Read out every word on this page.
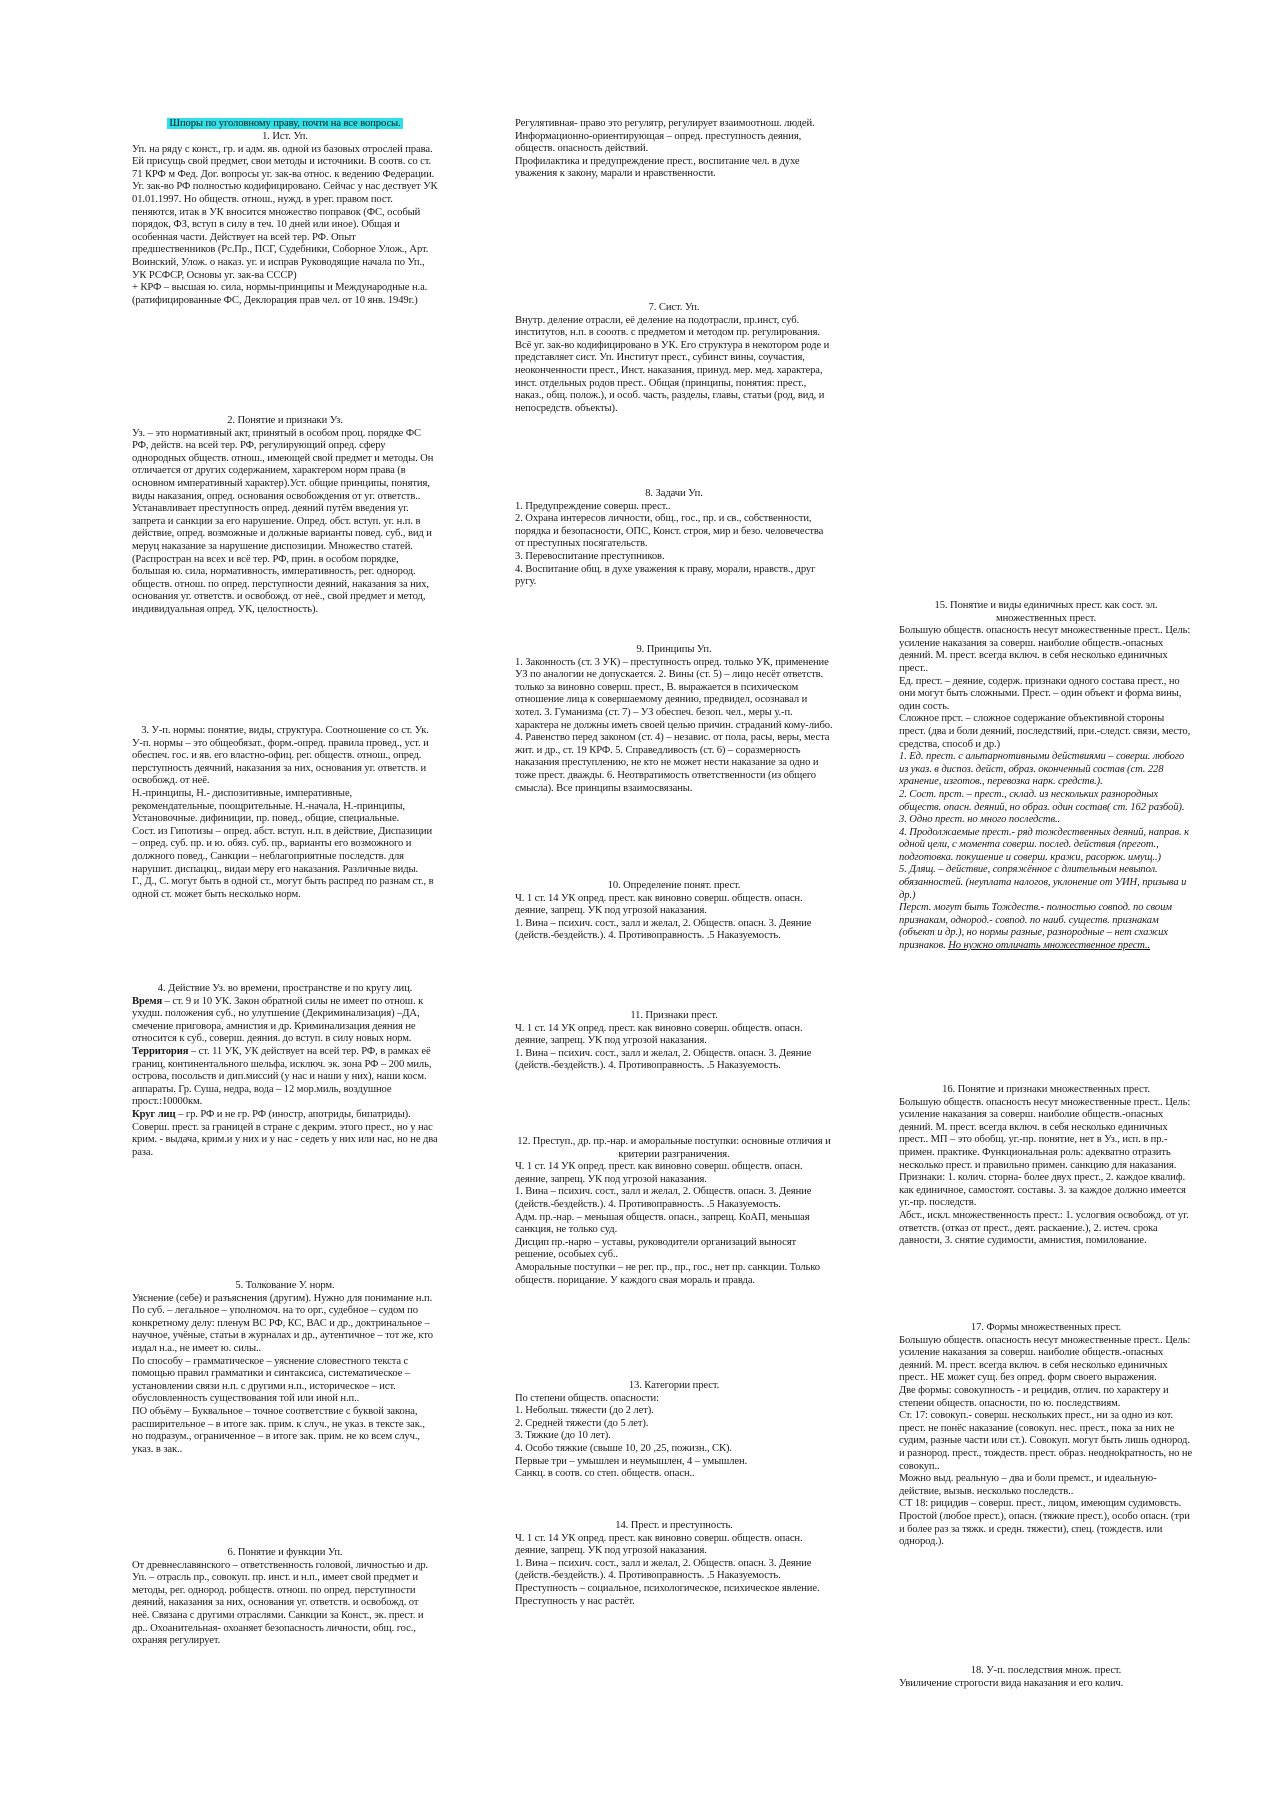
Шпоры по уголовному праву, почти на все вопросы.
1. Ист. Уп.

Уп. на ряду с конст., гр. и адм. яв. одной из базовых отрослей права. Ей присущь свой предмет, свои методы и источники. В соотв. со ст. 71 КРФ м Фед. Дог. вопросы уг. зак-ва относ. к ведению Федерации. Уг. зак-во РФ полностью кодифицировано. Сейчас у нас дествует УК 01.01.1997. Но обществ. отнош., нужд. в урег. правом пост. пеняются, итак в УК вносится множество поправок (ФС, особый порядок, ФЗ, вступ в силу в теч. 10 дней или иное). Общая и особенная части. Действует на всей тер. РФ. Опыт предшественников (Рс.Пр., ПСГ, Судебники, Соборное Улож., Арт. Воинский, Улож. о наказ. уг. и исправ Руководящие начала по Уп., УК РСФСР, Основы уг. зак-ва СССР)

+ КРФ – высшая ю. сила, нормы-принципы и Международные н.а. (ратифицированные ФС, Деклорация прав чел. от 10 янв. 1949г.)

2. Понятие и признаки Уз.

Уз. – это нормативный акт, принятый в особом проц. порядке ФС РФ, действ. на всей тер. РФ, регулирующий опред. сферу однородных обществ. отнош., имеющей свой предмет и методы. Он отличается от других содержанием, характером норм права (в основном императивный характер).Уст. общие принципы, понятия, виды наказания, опред. основания освобождения от уг. ответств.. Устанавливает преступность опред. деяний путём введения уг. запрета и санкции за его нарушение. Опред. обст. вступ. уг. н.п. в действие, опред. возможные и должные варианты повед. суб., вид и меруц наказание за нарушение диспозиции. Множество статей. (Распростран на всех и всё тер. РФ, прин. в особом порядке, большая ю. сила, нормативность, императивность, рег. однород. обществ. отнош. по опред. перступности деяний, наказания за них, основания уг. ответств. и освобожд. от неё., свой предмет и метод, индивидуальная опред. УК, целостность).

3. У-п. нормы: понятие, виды, структура. Соотношение со ст. Ук.

У-п. нормы – это общеобязат., форм.-опред. правила провед., уст. и обеспеч. гос. и яв. его властно-офиц. рег. обществ. отнош., опред. перступность деячний, наказания за них, основания уг. ответств. и освобожд. от неё.

Н.-принципы, Н.- диспозитивные, императивные, рекомендательные, поощрительные. Н.-начала, Н.-принципы, Установочные. дифиниции, пр. повед., общие, специальные.

Сост. из Гипотизы – опред. абст. вступ. н.п. в действие, Диспазиции – опред. суб. пр. и ю. обяз. суб. пр., варианты его возможного и должного повед., Санкции – неблагоприятные последств. для нарушит. диспацкц., видаи меру его наказания. Различные виды.

Г., Д., С. могут быть в одной ст., могут быть распред по разнам ст., в одной ст. может быть несколько норм.

4. Действие Уз. во времени, пространстве и по кругу лиц.

Время – ст. 9 и 10 УК. Закон обратной силы не имеет по отнош. к ухудш. положения суб., но улутшение (Декриминализация) –ДА, смечение приговора, амнистия и др. Криминализация деяния не относится к суб., соверш. деяния. до вступ. в силу новых норм.

Территория – ст. 11 УК, УК действует на всей тер. РФ, в рамках её границ, континентального шельфа, исключ. эк. зона РФ – 200 миль, острова, посольств и дип.миссий (у нас и наши у них), наши косм. аппараты. Гр. Суша, недра, вода – 12 мор.миль, воздушное прост.:10000км.

Круг лиц – гр. РФ и не гр. РФ (иностр, апотриды, бипатриды). Соверш. прест. за границей в стране с декрим. этого прест., но у нас крим. - выдача, крим.и у них и у нас - седеть у них или нас, но не два раза.

5. Толкование У. норм.

Уяснение (себе) и разъяснения (другим). Нужно для понимание н.п.

По суб. – легальное – уполномоч. на то орг., судебное – судом по конкретному делу: пленум ВС РФ, КС, ВАС и др., доктринальное – научное, учёные, статьи в журналах и др., аутентичное – тот же, кто издал н.а., не имеет ю. силы..

По способу – грамматическое – уяснение словестного текста с помощью правил грамматики и синтаксиса, систематическое – установлении связи н.п. с другими н.п., историческое – ист. обусловленность существования той или иной н.п..

ПО объёму – Буквальное – точное соответствие с буквой закона, расширительное – в итоге зак. прим. к случ., не указ. в тексте зак., но подразум., ограниченное – в итоге зак. прим. не ко всем случ., указ. в зак..

6. Понятие и функции Уп.

От древнеславянского – ответственность головой, личностью и др.

Уп. – отрасль пр., совокуп. пр. инст. и н.п., имеет свой предмет и методы, рег. однород. робществ. отнош. по опред. перступности деяний, наказания за них, основания уг. ответств. и освобожд. от неё. Связана с другими отраслями. Санкции за Конст., эк. прест. и др.. Охоанительная- охоаняет безопасность личности, общ. гос., охраняя регулирует.

Регулятивная- право это регулятр, регулирует взаимоотнош. людей.

Информационно-ориентирующая – опред. преступность деяния, обществ. опасность действий.

Профилактика и предупреждение прест., воспитание чел. в духе уважения к закону, марали и нравственности.

7. Сист. Уп.

Внутр. деление отрасли, её деление на подотрасли, пр.инст, суб. институтов, н.п. в сооотв. с предметом и методом пр. регулирования. Всё уг. зак-во кодифицировано в УК. Его структура в некотором роде и представляет сист. Уп. Институт прест., субинст вины, соучастия, неоконченности прест., Инст. наказания, принуд. мер. мед. характера, инст. отдельных родов прест.. Общая (принципы, понятия: прест., наказ., общ. полож.), и особ. часть, разделы, главы, статьи (род, вид, и непосредств. объекты).

8. Задачи Уп.

1. Предупреждение соверш. прест..

2. Охрана интересов личности, общ., гос., пр. и св., собственности, порядка и безопасности, ОПС, Конст. строя, мир и безо. человечества от преступных посягательств.

3. Перевоспитание преступников.

4. Воспитание общ. в духе уважения к праву, морали, нравств., друг ругу.

9. Принципы Уп.

1. Законность (ст. 3 УК) – преступность опред. только УК, применение УЗ по аналогии не допускается. 2. Вины (ст. 5) – лицо несёт ответств. только за виновно соверш. прест., В. выражается в психическом отношение лица к совершаемому деянию, предвидел, осознавал и хотел. 3. Гуманизма (ст. 7) – УЗ обеспеч. безоп. чел., меры у.-п. характера не должны иметь своей целью причин. страданий кому-либо. 4. Равенство перед законом (ст. 4) – независ. от пола, расы, веры, места жит. и др., ст. 19 КРФ. 5. Справедливость (ст. 6) – соразмерность наказания преступлению, не кто не может нести наказание за одно и тоже прест. дважды. 6. Неотвратимость ответственности (из общего смысла). Все принципы взаимосвязаны.

10. Определение понят. прест.

Ч. 1 ст. 14 УК опред. прест. как виновно соверш. обществ. опасн. деяние, запрещ. УК под угрозой наказания.

1. Вина – психич. сост., залл и желал, 2. Обществ. опасн. 3. Деяние (действ.-бездейств.). 4. Противоправность. .5 Наказуемость.

11. Признаки прест.

Ч. 1 ст. 14 УК опред. прест. как виновно соверш. обществ. опасн. деяние, запрещ. УК под угрозой наказания.

1. Вина – психич. сост., залл и желал, 2. Обществ. опасн. 3. Деяние (действ.-бездейств.). 4. Противоправность. .5 Наказуемость.

12. Преступ., др. пр.-нар. и аморальные поступки: основные отличия и критерии разграничения.

Ч. 1 ст. 14 УК опред. прест. как виновно соверш. обществ. опасн. деяние, запрещ. УК под угрозой наказания.

1. Вина – психич. сост., залл и желал, 2. Обществ. опасн. 3. Деяние (действ.-бездейств.). 4. Противоправность. .5 Наказуемость.

Адм. пр.-нар. – меньшая обществ. опасн., запрещ. КоАП, меньшая санкция, не только суд.

Дисцип пр.-нарю – уставы, руководители организаций выносят решение, особыех суб..

Аморальные поступки – не рег. пр., пр., гос., нет пр. санкции. Только обществ. порицание. У каждого свая мораль и правда.

13. Категории прест.

По степени обществ. опасности:

1. Небольш. тяжести (до 2 лет).

2. Средней тяжести (до 5 лет).

3. Тяжкие (до 10 лет).

4. Особо тяжкие (свыше 10, 20 ,25, пожизн., СК).

Первые три – умышлен и неумышлен, 4 – умышлен.

Санкц. в соотв. со степ. обществ. опасн..

14. Прест. и преступность.

Ч. 1 ст. 14 УК опред. прест. как виновно соверш. обществ. опасн. деяние, запрещ. УК под угрозой наказания.

1. Вина – психич. сост., залл и желал, 2. Обществ. опасн. 3. Деяние (действ.-бездейств.). 4. Противоправность. .5 Наказуемость.

Преступность – социальное, психологическое, психическое явление. Преступность у нас растёт.

15. Понятие и виды единичных прест. как сост. эл. множественных прест.

Большую обществ. опасность несут множественные прест.. Цель: усиление наказания за соверш. наиболие обществ.-опасных деяний. М. прест. всегда включ. в себя несколько единичных прест..

Ед. прест. – деяние, содерж. признаки одного состава прест., но они могут быть сложными. Прест. – один объект и форма вины, один сость.

Сложное прст. – сложное содержание объективной стороны прест. (два и боли деяний, последствий, при.-следст. связи, место, средства, способ и др.)

1. Ед. прест. с альтарнотивными действиями – соверш. любого из указ. в диспоз. дейст, образ. оконченный состав (ст. 228 хранение, изготов., перевозка нарк. средств.).

2. Сост. прст. – прест., склад. из нескольких разнородных обществ. опасн. деяний, но образ. один состав( ст. 162 разбой).

3. Одно прест. но много последств..

4. Продолжаемые прест.- ряд тождественных деяний, направ. к одной цели, с момента соверш. послед. действия (прегот., подготовка. покушение и соверш. кражи, расорюк. имущ..)

5. Длящ. – действие, сопряжённое с длительным невыпол. обязанностей. (неуплата налогов, уклонение от УИН, призыва и др.)

Перст. могут быть Тождеств.- полностью совпод. по своим признакам, однород.- совпод. по наиб. существ. признакам (объект и др.), но нормы разные, разнородные – нет схажих признаков. Но нужно отличать множественное прест..

16. Понятие и признаки множественных прест.

Большую обществ. опасность несут множественные прест.. Цель: усиление наказания за соверш. наиболие обществ.-опасных деяний. М. прест. всегда включ. в себя несколько единичных прест.. МП – это обобщ. уг.-пр. понятие, нет в Уз., исп. в пр.-примен. практике. Функциональная роль: адекватно отразить несколько прест. и правильно примен. санкцию для наказания. Признаки: 1. колич. сторна- более двух прест., 2. каждое квалиф. как единичное, самостоят. составы. 3. за каждое должно имеется уг.-пр. последств.

Абст., искл. множественность прест.: 1. услогвия освобожд. от уг. ответств. (отказ от прест., деят. раскаение.), 2. истеч. срока давности, 3. снятие судимости, амнистия, помилование.

17. Формы множественных прест.

Большую обществ. опасность несут множественные прест.. Цель: усиление наказания за соверш. наиболие обществ.-опасных деяний. М. прест. всегда включ. в себя несколько единичных прест.. НЕ может сущ. без опред. форм своего выражения.

Две формы: совокупность - и рецидив, отлич. по характеру и степени обществ. опасности, по ю. последствиям.

Ст. 17: совокуп.- соверш. нескольких прест., ни за одно из кот. прест. не понёс наказание (совокуп. нес. прест., пока за них не судим, разные части или ст.). Совокуп. могут быть лишь однород. и разнород. прест., тождеств. прест. образ. неодноkратность, но не совокуп..

Можно выд. реальную – два и боли премст., и идеальную- действие, вызыв. несколько последств..

СТ 18: рицидив – соверш. прест., лицом, имеющим судимовсть.

Простой (любое прест.), опасн. (тяжкие прест.), особо опасн. (три и более раз за тяжк. и средн. тяжести), спец. (тождеств. или однород.).

18. У-п. последствия множ. прест.

Увиличение строгости вида наказания и его колич.
